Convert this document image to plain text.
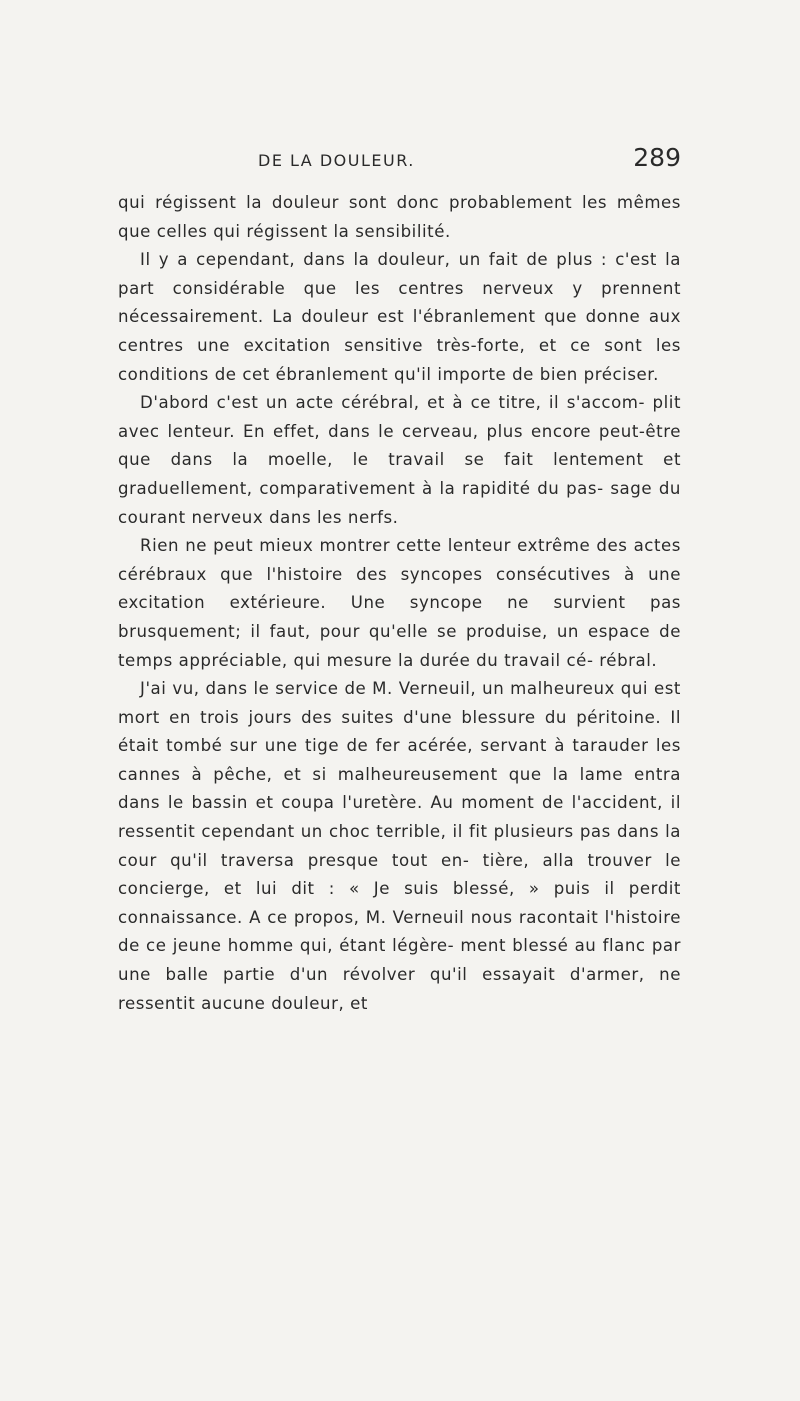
DE LA DOULEUR.	289

qui régissent la douleur sont donc probablement les mêmes que celles qui régissent la sensibilité.

Il y a cependant, dans la douleur, un fait de plus : c'est la part considérable que les centres nerveux y prennent nécessairement. La douleur est l'ébranlement que donne aux centres une excitation sensitive très-forte, et ce sont les conditions de cet ébranlement qu'il importe de bien préciser.

D'abord c'est un acte cérébral, et à ce titre, il s'accom- plit avec lenteur. En effet, dans le cerveau, plus encore peut-être que dans la moelle, le travail se fait lentement et graduellement, comparativement à la rapidité du pas- sage du courant nerveux dans les nerfs.

Rien ne peut mieux montrer cette lenteur extrême des actes cérébraux que l'histoire des syncopes consécutives à une excitation extérieure. Une syncope ne survient pas brusquement; il faut, pour qu'elle se produise, un espace de temps appréciable, qui mesure la durée du travail cé- rébral.

J'ai vu, dans le service de M. Verneuil, un malheureux qui est mort en trois jours des suites d'une blessure du péritoine. Il était tombé sur une tige de fer acérée, servant à tarauder les cannes à pêche, et si malheureusement que la lame entra dans le bassin et coupa l'uretère. Au moment de l'accident, il ressentit cependant un choc terrible, il fit plusieurs pas dans la cour qu'il traversa presque tout en- tière, alla trouver le concierge, et lui dit : « Je suis blessé, » puis il perdit connaissance. A ce propos, M. Verneuil nous racontait l'histoire de ce jeune homme qui, étant légère- ment blessé au flanc par une balle partie d'un révolver qu'il essayait d'armer, ne ressentit aucune douleur, et
